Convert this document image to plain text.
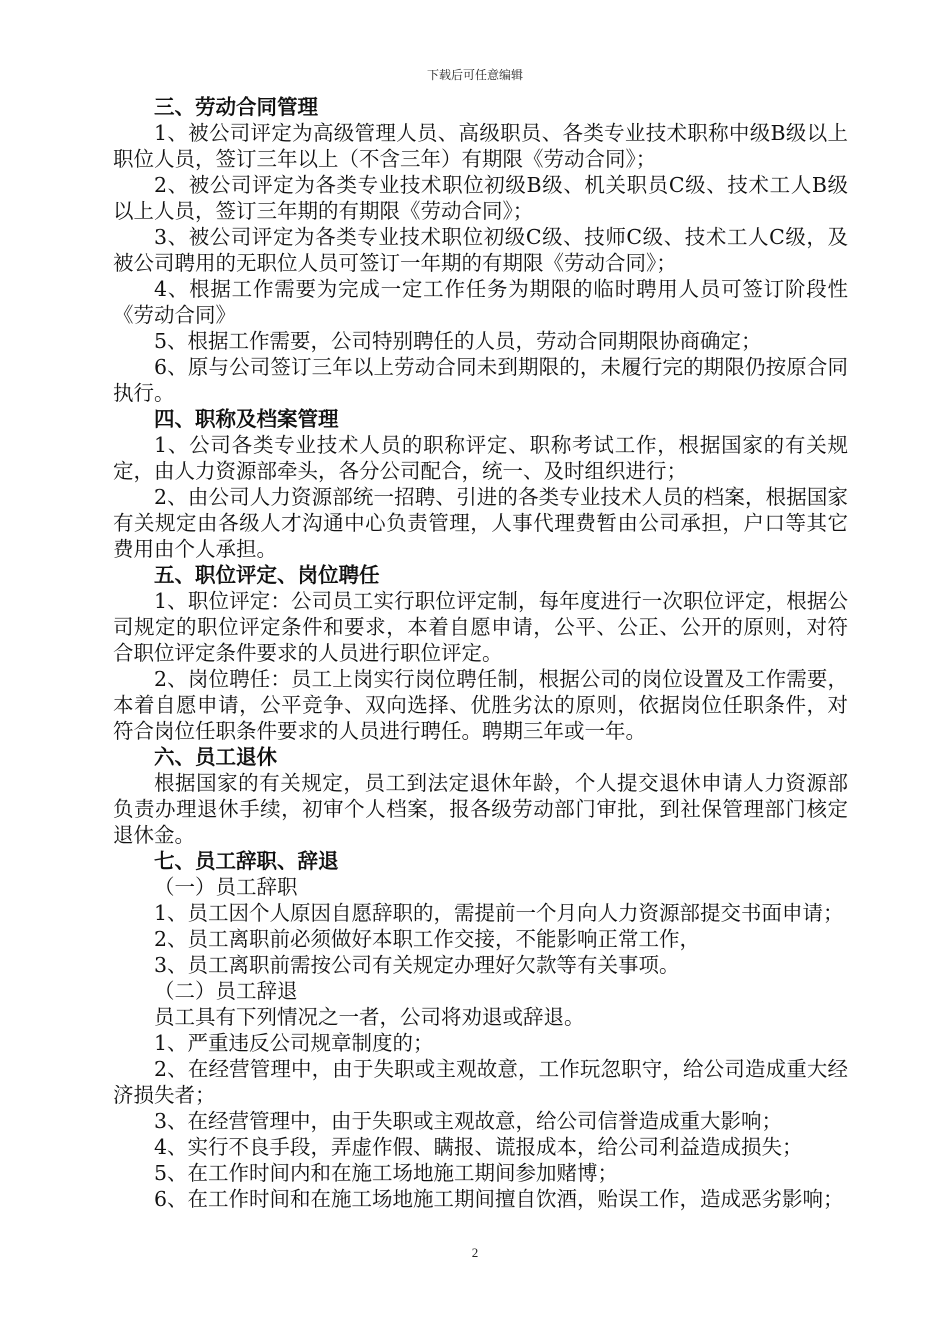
下载后可任意编辑

三、劳动合同管理

1、被公司评定为高级管理人员、高级职员、各类专业技术职称中级B级以上职位人员，签订三年以上（不含三年）有期限《劳动合同》；

2、被公司评定为各类专业技术职位初级B级、机关职员C级、技术工人B级以上人员，签订三年期的有期限《劳动合同》；

3、被公司评定为各类专业技术职位初级C级、技师C级、技术工人C级，及被公司聘用的无职位人员可签订一年期的有期限《劳动合同》；

4、根据工作需要为完成一定工作任务为期限的临时聘用人员可签订阶段性《劳动合同》

5、根据工作需要，公司特别聘任的人员，劳动合同期限协商确定；

6、原与公司签订三年以上劳动合同未到期限的，未履行完的期限仍按原合同执行。

四、职称及档案管理

1、公司各类专业技术人员的职称评定、职称考试工作，根据国家的有关规定，由人力资源部牵头，各分公司配合，统一、及时组织进行；

2、由公司人力资源部统一招聘、引进的各类专业技术人员的档案，根据国家有关规定由各级人才沟通中心负责管理，人事代理费暂由公司承担，户口等其它费用由个人承担。

五、职位评定、岗位聘任

1、职位评定：公司员工实行职位评定制，每年度进行一次职位评定，根据公司规定的职位评定条件和要求，本着自愿申请，公平、公正、公开的原则，对符合职位评定条件要求的人员进行职位评定。

2、岗位聘任：员工上岗实行岗位聘任制，根据公司的岗位设置及工作需要，本着自愿申请，公平竞争、双向选择、优胜劣汰的原则，依据岗位任职条件，对符合岗位任职条件要求的人员进行聘任。聘期三年或一年。

六、员工退休

根据国家的有关规定，员工到法定退休年龄，个人提交退休申请人力资源部负责办理退休手续，初审个人档案，报各级劳动部门审批，到社保管理部门核定退休金。

七、员工辞职、辞退

（一）员工辞职

1、员工因个人原因自愿辞职的，需提前一个月向人力资源部提交书面申请；

2、员工离职前必须做好本职工作交接，不能影响正常工作，

3、员工离职前需按公司有关规定办理好欠款等有关事项。

（二）员工辞退

员工具有下列情况之一者，公司将劝退或辞退。

1、严重违反公司规章制度的；

2、在经营管理中，由于失职或主观故意，工作玩忽职守，给公司造成重大经济损失者；

3、在经营管理中，由于失职或主观故意，给公司信誉造成重大影响；

4、实行不良手段，弄虚作假、瞒报、谎报成本，给公司利益造成损失；

5、在工作时间内和在施工场地施工期间参加赌博；

6、在工作时间和在施工场地施工期间擅自饮酒，贻误工作，造成恶劣影响；

2
